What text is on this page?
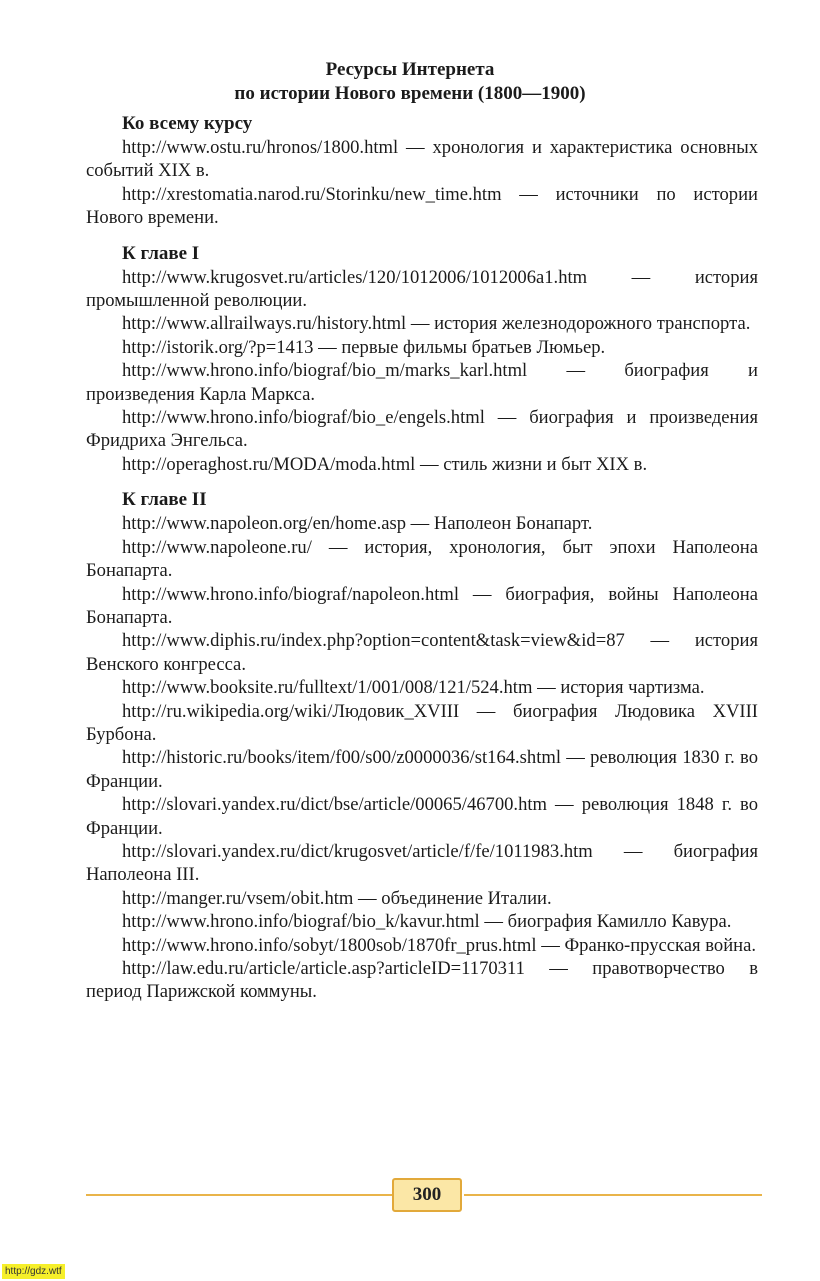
Ресурсы Интернета
по истории Нового времени (1800—1900)

Ко всему курсу

http://www.ostu.ru/hronos/1800.html — хронология и характеристика основных событий XIX в.

http://xrestomatia.narod.ru/Storinku/new_time.htm — источники по истории Нового времени.

К главе I

http://www.krugosvet.ru/articles/120/1012006/1012006a1.htm — история промышленной революции.

http://www.allrailways.ru/history.html — история железнодорожного транспорта.

http://istorik.org/?p=1413 — первые фильмы братьев Люмьер.

http://www.hrono.info/biograf/bio_m/marks_karl.html — биография и произведения Карла Маркса.

http://www.hrono.info/biograf/bio_e/engels.html — биография и произведения Фридриха Энгельса.

http://operaghost.ru/MODA/moda.html — стиль жизни и быт XIX в.

К главе II

http://www.napoleon.org/en/home.asp — Наполеон Бонапарт.

http://www.napoleone.ru/ — история, хронология, быт эпохи Наполеона Бонапарта.

http://www.hrono.info/biograf/napoleon.html — биография, войны Наполеона Бонапарта.

http://www.diphis.ru/index.php?option=content&task=view&id=87 — история Венского конгресса.

http://www.booksite.ru/fulltext/1/001/008/121/524.htm — история чартизма.

http://ru.wikipedia.org/wiki/Людовик_XVIII — биография Людовика XVIII Бурбона.

http://historic.ru/books/item/f00/s00/z0000036/st164.shtml — революция 1830 г. во Франции.

http://slovari.yandex.ru/dict/bse/article/00065/46700.htm — революция 1848 г. во Франции.

http://slovari.yandex.ru/dict/krugosvet/article/f/fe/1011983.htm — биография Наполеона III.

http://manger.ru/vsem/obit.htm — объединение Италии.

http://www.hrono.info/biograf/bio_k/kavur.html — биография Камилло Кавура.

http://www.hrono.info/sobyt/1800sob/1870fr_prus.html — Франко-прусская война.

http://law.edu.ru/article/article.asp?articleID=1170311 — правотворчество в период Парижской коммуны.

300
http://gdz.wtf
